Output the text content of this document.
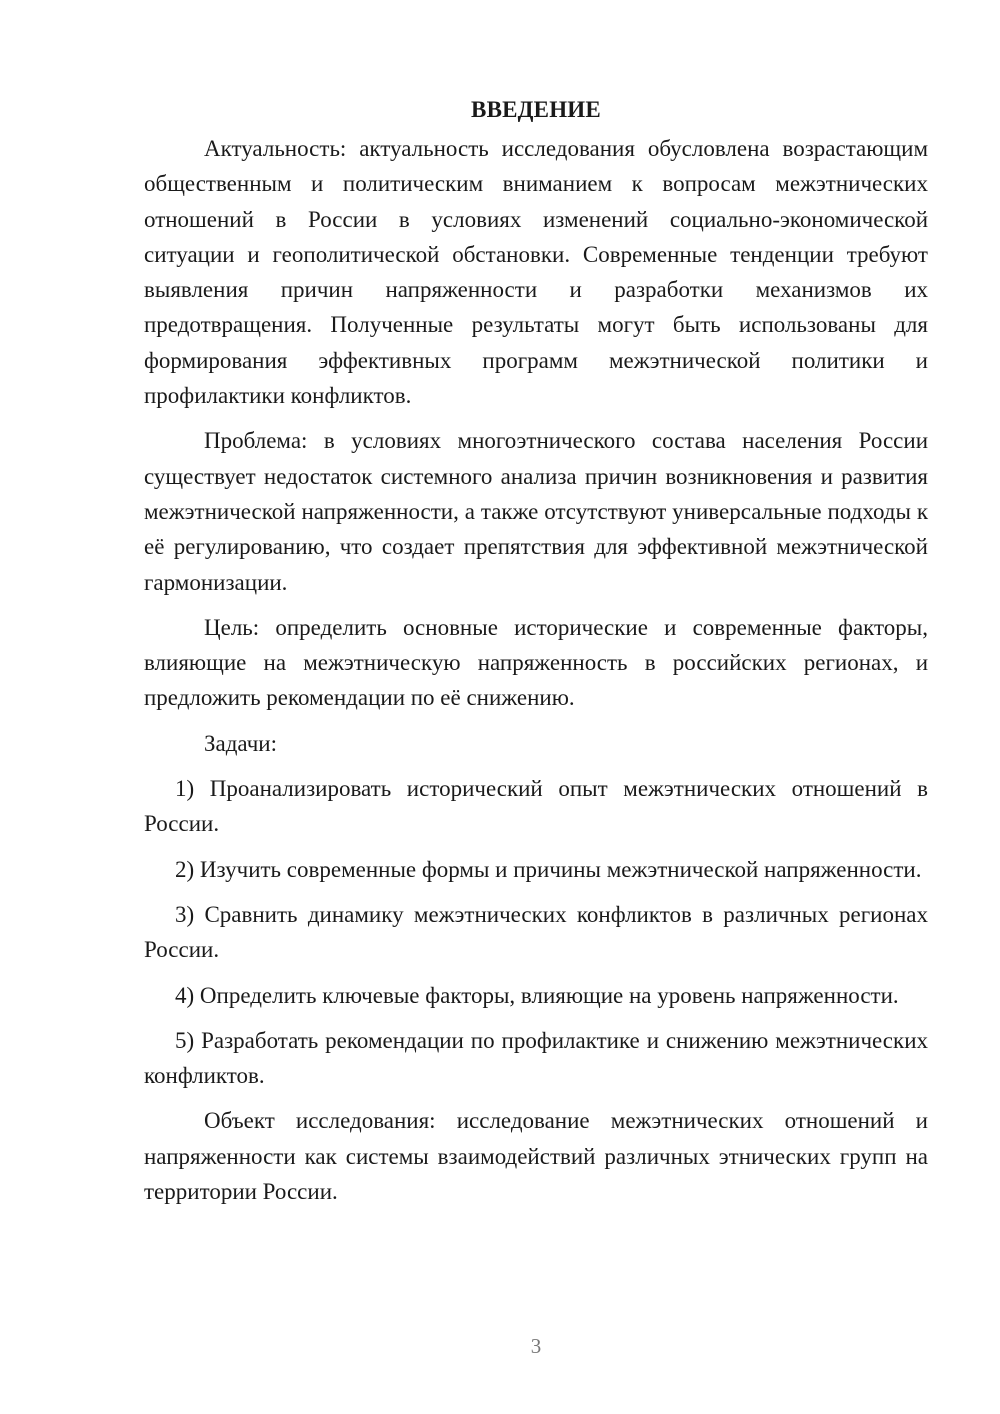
ВВЕДЕНИЕ

Актуальность: актуальность исследования обусловлена возрастающим общественным и политическим вниманием к вопросам межэтнических отношений в России в условиях изменений социально-экономической ситуации и геополитической обстановки. Современные тенденции требуют выявления причин напряженности и разработки механизмов их предотвращения. Полученные результаты могут быть использованы для формирования эффективных программ межэтнической политики и профилактики конфликтов.

Проблема: в условиях многоэтнического состава населения России существует недостаток системного анализа причин возникновения и развития межэтнической напряженности, а также отсутствуют универсальные подходы к её регулированию, что создает препятствия для эффективной межэтнической гармонизации.

Цель: определить основные исторические и современные факторы, влияющие на межэтническую напряженность в российских регионах, и предложить рекомендации по её снижению.

Задачи:

1) Проанализировать исторический опыт межэтнических отношений в России.

2) Изучить современные формы и причины межэтнической напряженности.

3) Сравнить динамику межэтнических конфликтов в различных регионах России.

4) Определить ключевые факторы, влияющие на уровень напряженности.

5) Разработать рекомендации по профилактике и снижению межэтнических конфликтов.

Объект исследования: исследование межэтнических отношений и напряженности как системы взаимодействий различных этнических групп на территории России.

3
